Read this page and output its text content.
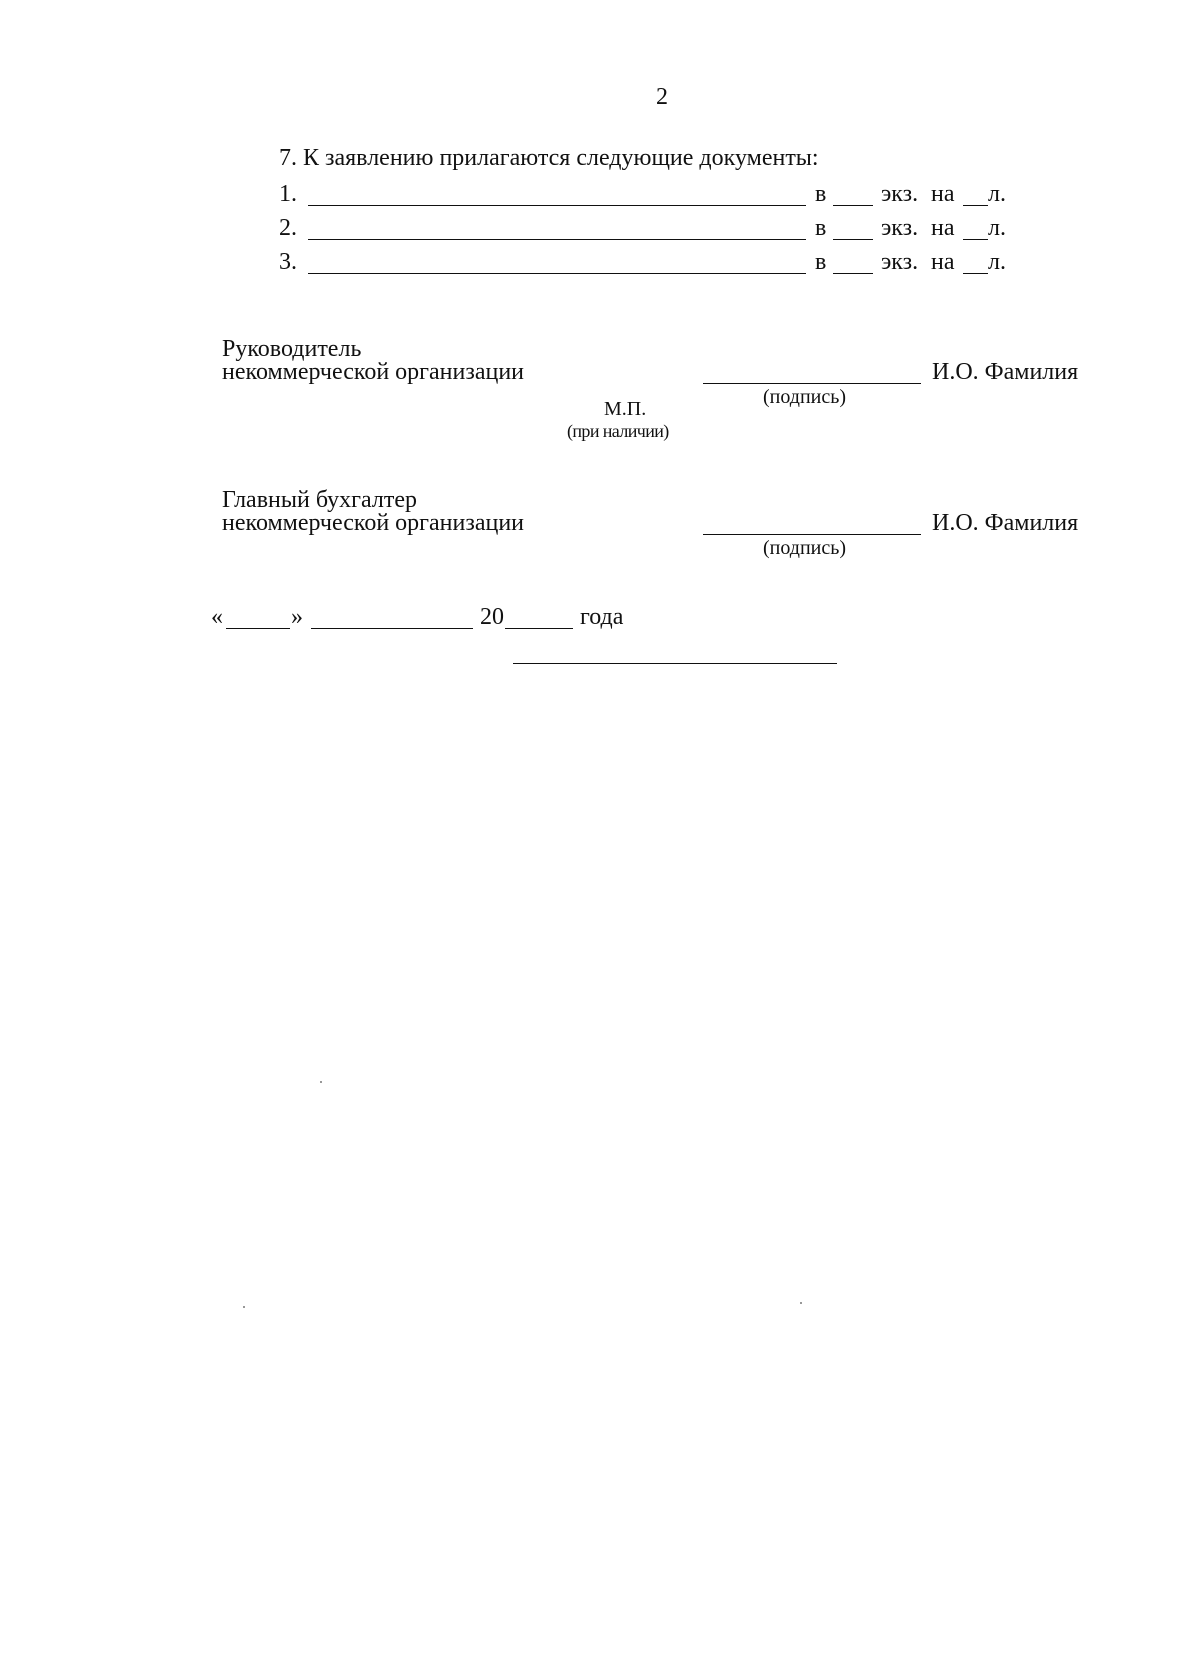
2
7. К заявлению прилагаются следующие документы:
1.	в экз. на л.
2.	в экз. на л.
3.	в экз. на л.
Руководитель
некоммерческой организации	И.О. Фамилия
(подпись)
М.П.
(при наличии)
Главный бухгалтер
некоммерческой организации	И.О. Фамилия
(подпись)
«	»	20	года
